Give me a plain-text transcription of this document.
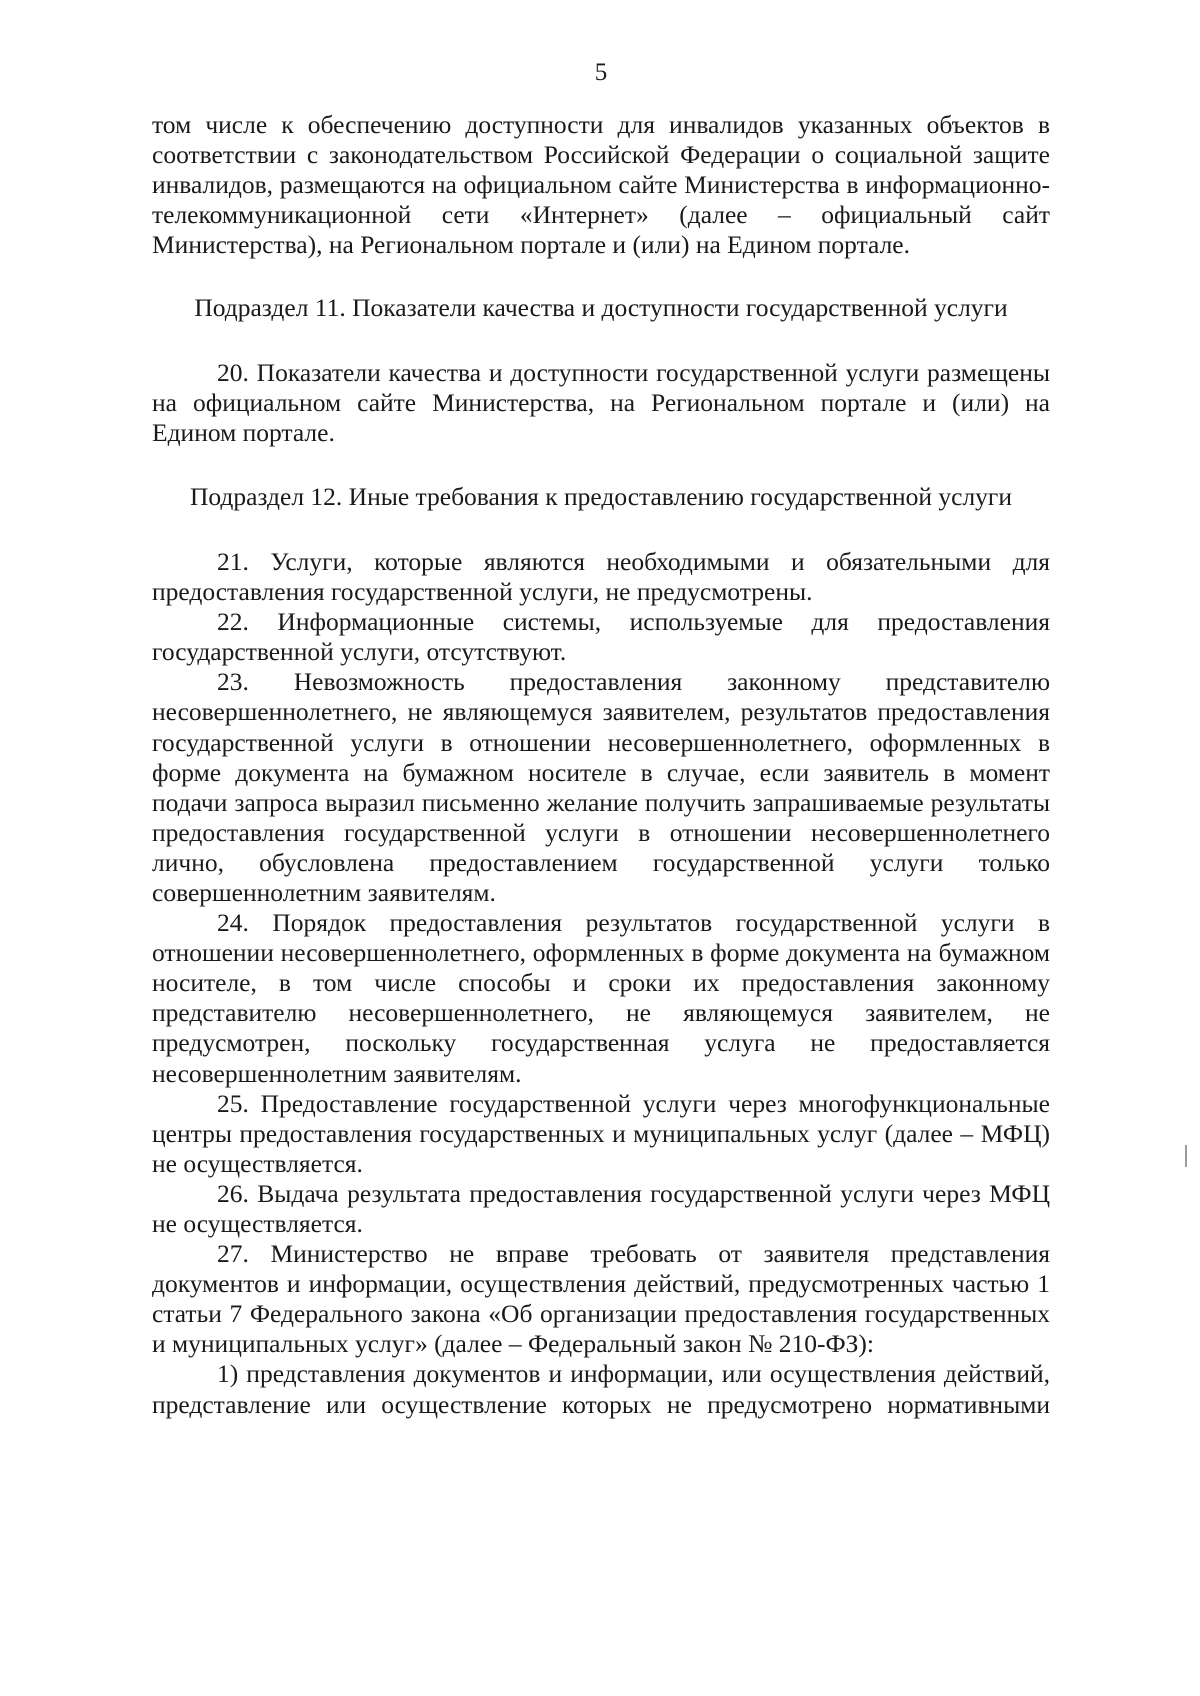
5

том числе к обеспечению доступности для инвалидов указанных объектов в соответствии с законодательством Российской Федерации о социальной защите инвалидов, размещаются на официальном сайте Министерства в информационно-телекоммуникационной сети «Интернет» (далее – официальный сайт Министерства), на Региональном портале и (или) на Едином портале.

Подраздел 11. Показатели качества и доступности государственной услуги

20. Показатели качества и доступности государственной услуги размещены на официальном сайте Министерства, на Региональном портале и (или) на Едином портале.

Подраздел 12. Иные требования к предоставлению государственной услуги

21. Услуги, которые являются необходимыми и обязательными для предоставления государственной услуги, не предусмотрены.

22. Информационные системы, используемые для предоставления государственной услуги, отсутствуют.

23. Невозможность предоставления законному представителю несовершеннолетнего, не являющемуся заявителем, результатов предоставления государственной услуги в отношении несовершеннолетнего, оформленных в форме документа на бумажном носителе в случае, если заявитель в момент подачи запроса выразил письменно желание получить запрашиваемые результаты предоставления государственной услуги в отношении несовершеннолетнего лично, обусловлена предоставлением государственной услуги только совершеннолетним заявителям.

24. Порядок предоставления результатов государственной услуги в отношении несовершеннолетнего, оформленных в форме документа на бумажном носителе, в том числе способы и сроки их предоставления законному представителю несовершеннолетнего, не являющемуся заявителем, не предусмотрен, поскольку государственная услуга не предоставляется несовершеннолетним заявителям.

25. Предоставление государственной услуги через многофункциональные центры предоставления государственных и муниципальных услуг (далее – МФЦ) не осуществляется.

26. Выдача результата предоставления государственной услуги через МФЦ не осуществляется.

27. Министерство не вправе требовать от заявителя представления документов и информации, осуществления действий, предусмотренных частью 1 статьи 7 Федерального закона «Об организации предоставления государственных и муниципальных услуг» (далее – Федеральный закон № 210-ФЗ):

1) представления документов и информации, или осуществления действий, представление или осуществление которых не предусмотрено нормативными
